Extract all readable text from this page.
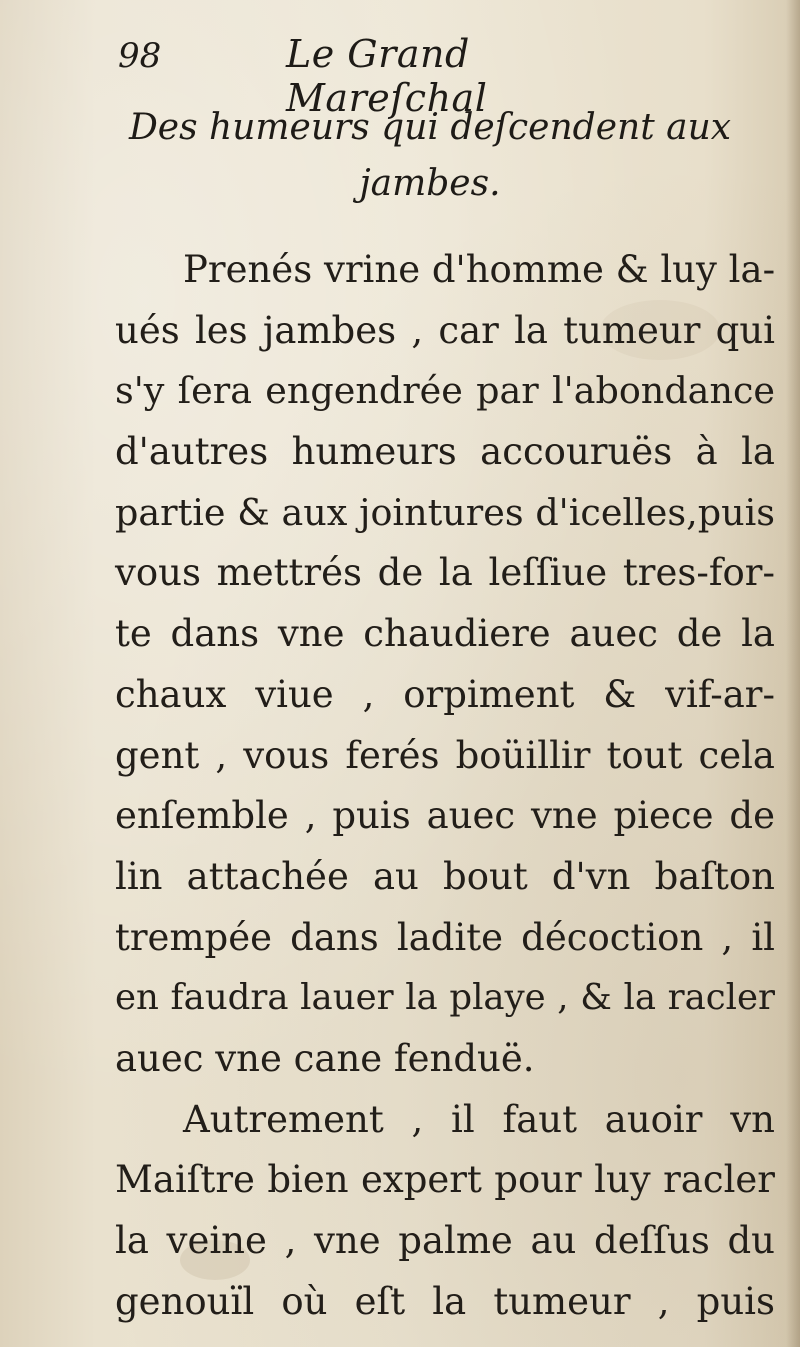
98	Le Grand Mareſchal
Des humeurs qui deſcendent aux
jambes.
Prenés vrine d'homme & luy la-
ués les jambes , car la tumeur qui
s'y ſera engendrée par l'abondance
d'autres humeurs accouruës à la
partie & aux jointures d'icelles,puis
vous mettrés de la leſſiue tres-for-
te dans vne chaudiere auec de la
chaux viue , orpiment & vif-ar-
gent , vous ferés boüillir tout cela
enſemble , puis auec vne piece de
lin attachée au bout d'vn baſton
trempée dans ladite décoction , il
en faudra lauer la playe , & la racler
auec vne cane fenduë.
Autrement , il faut auoir vn
Maiſtre bien expert pour luy racler
la veine , vne palme au deſſus du
genouïl où eſt la tumeur , puis
